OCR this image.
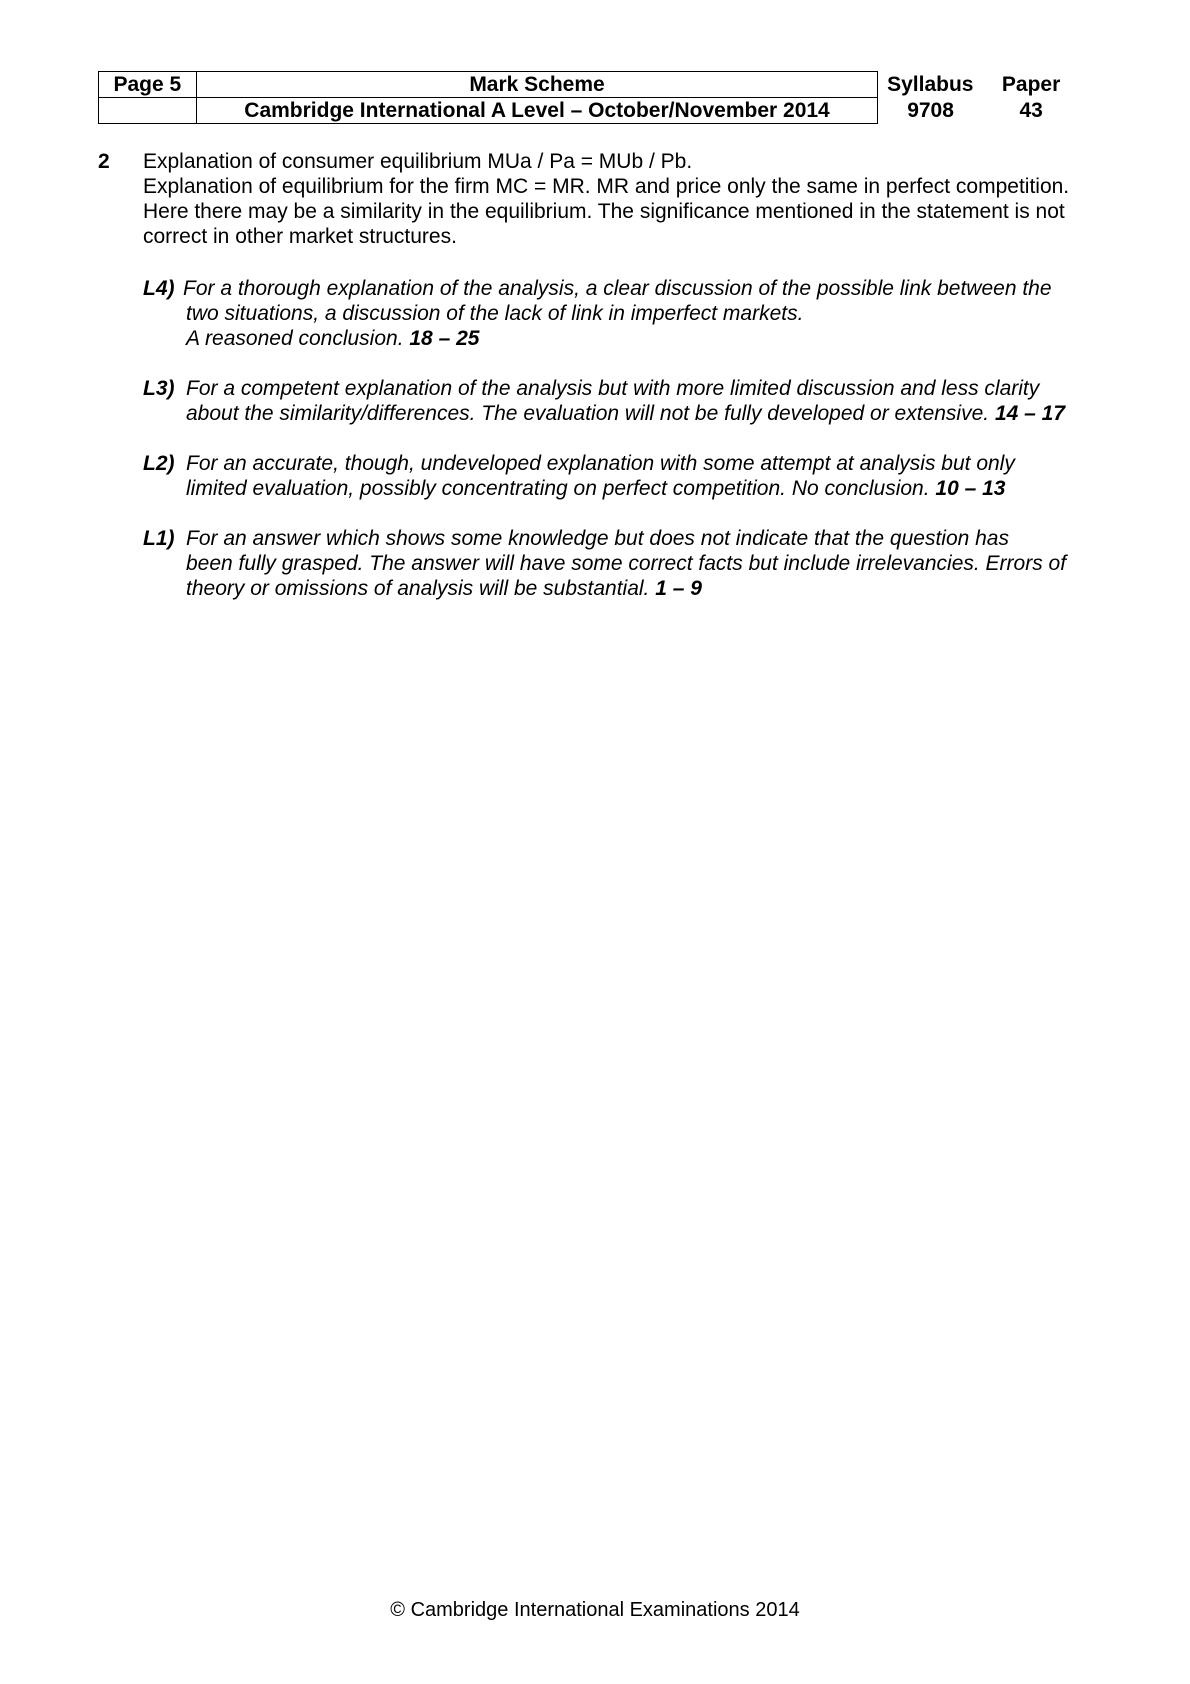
Page 5	Mark Scheme	Syllabus	Paper
	Cambridge International A Level – October/November 2014	9708	43
2 Explanation of consumer equilibrium MUa / Pa = MUb / Pb.
Explanation of equilibrium for the firm MC = MR. MR and price only the same in perfect competition.
Here there may be a similarity in the equilibrium. The significance mentioned in the statement is not
correct in other market structures.
L4) For a thorough explanation of the analysis, a clear discussion of the possible link between the
two situations, a discussion of the lack of link in imperfect markets.
A reasoned conclusion. 18 – 25
L3) For a competent explanation of the analysis but with more limited discussion and less clarity
about the similarity/differences. The evaluation will not be fully developed or extensive. 14 – 17
L2) For an accurate, though, undeveloped explanation with some attempt at analysis but only
limited evaluation, possibly concentrating on perfect competition. No conclusion. 10 – 13
L1) For an answer which shows some knowledge but does not indicate that the question has
been fully grasped. The answer will have some correct facts but include irrelevancies. Errors of
theory or omissions of analysis will be substantial. 1 – 9
© Cambridge International Examinations 2014
